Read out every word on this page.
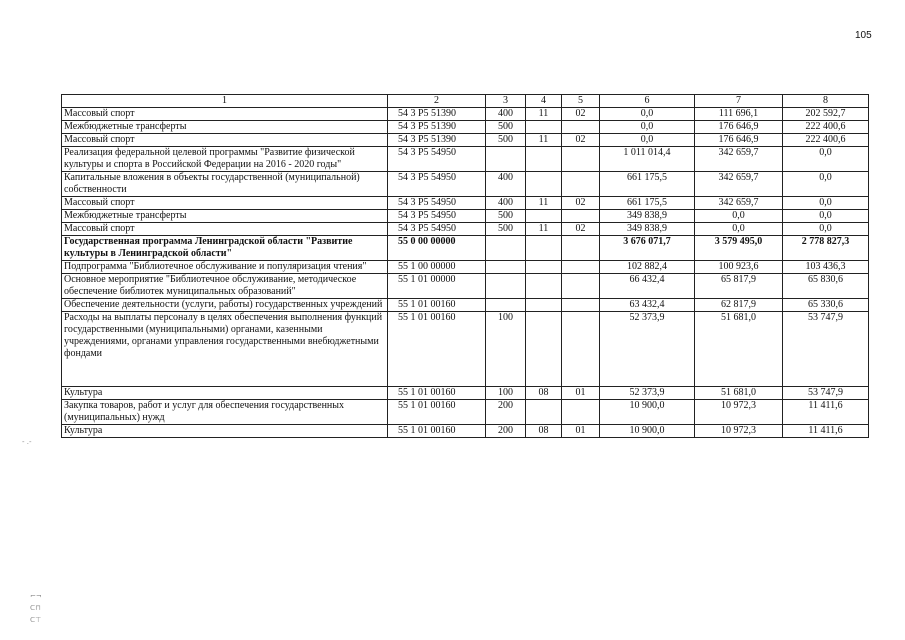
105
1	2	3	4	5	6	7	8
Массовый спорт	54 3 P5 51390	400	11	02	0,0	111 696,1	202 592,7
Межбюджетные трансферты	54 3 P5 51390	500			0,0	176 646,9	222 400,6
Массовый спорт	54 3 P5 51390	500	11	02	0,0	176 646,9	222 400,6
Реализация федеральной целевой программы "Развитие физической культуры и спорта в Российской Федерации на 2016 - 2020 годы"	54 3 P5 54950				1 011 014,4	342 659,7	0,0
Капитальные вложения в объекты государственной (муниципальной) собственности	54 3 P5 54950	400			661 175,5	342 659,7	0,0
Массовый спорт	54 3 P5 54950	400	11	02	661 175,5	342 659,7	0,0
Межбюджетные трансферты	54 3 P5 54950	500			349 838,9	0,0	0,0
Массовый спорт	54 3 P5 54950	500	11	02	349 838,9	0,0	0,0
Государственная программа Ленинградской области "Развитие культуры в Ленинградской области"	55 0 00 00000				3 676 071,7	3 579 495,0	2 778 827,3
Подпрограмма "Библиотечное обслуживание и популяризация чтения"	55 1 00 00000				102 882,4	100 923,6	103 436,3
Основное мероприятие "Библиотечное обслуживание, методическое обеспечение библиотек муниципальных образований"	55 1 01 00000				66 432,4	65 817,9	65 830,6
Обеспечение деятельности (услуги, работы) государственных учреждений	55 1 01 00160				63 432,4	62 817,9	65 330,6
Расходы на выплаты персоналу в целях обеспечения выполнения функций государственными (муниципальными) органами, казенными учреждениями, органами управления государственными внебюджетными фондами	55 1 01 00160	100			52 373,9	51 681,0	53 747,9
Культура	55 1 01 00160	100	08	01	52 373,9	51 681,0	53 747,9
Закупка товаров, работ и услуг для обеспечения государственных (муниципальных) нужд	55 1 01 00160	200			10 900,0	10 972,3	11 411,6
Культура	55 1 01 00160	200	08	01	10 900,0	10 972,3	11 411,6
- .-
⌐¬
ᑕ⊓
ᑕ⊤
